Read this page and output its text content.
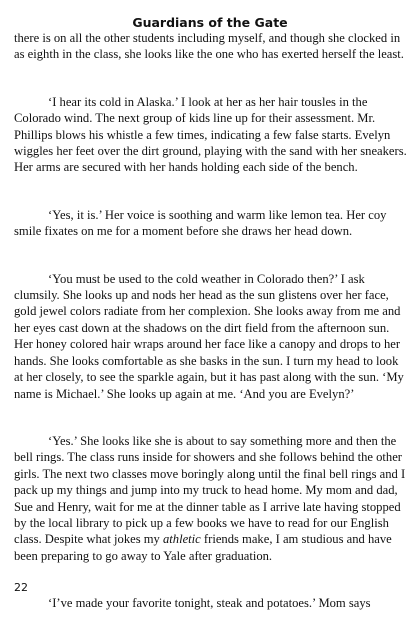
Guardians of the Gate

there is on all the other students including myself, and though she clocked in as eighth in the class, she looks like the one who has exerted herself the least.

‘I hear its cold in Alaska.’ I look at her as her hair tousles in the Colorado wind. The next group of kids line up for their assessment. Mr. Phillips blows his whistle a few times, indicating a few false starts. Evelyn wiggles her feet over the dirt ground, playing with the sand with her sneakers. Her arms are secured with her hands holding each side of the bench.

‘Yes, it is.’ Her voice is soothing and warm like lemon tea. Her coy smile fixates on me for a moment before she draws her head down.

‘You must be used to the cold weather in Colorado then?’ I ask clumsily. She looks up and nods her head as the sun glistens over her face, gold jewel colors radiate from her complexion. She looks away from me and her eyes cast down at the shadows on the dirt field from the afternoon sun. Her honey colored hair wraps around her face like a canopy and drops to her hands. She looks comfortable as she basks in the sun. I turn my head to look at her closely, to see the sparkle again, but it has past along with the sun. ‘My name is Michael.’ She looks up again at me. ‘And you are Evelyn?’

‘Yes.’ She looks like she is about to say something more and then the bell rings. The class runs inside for showers and she follows behind the other girls. The next two classes move boringly along until the final bell rings and I pack up my things and jump into my truck to head home. My mom and dad, Sue and Henry, wait for me at the dinner table as I arrive late having stopped by the local library to pick up a few books we have to read for our English class. Despite what jokes my athletic friends make, I am studious and have been preparing to go away to Yale after graduation.

‘I’ve made your favorite tonight, steak and potatoes.’ Mom says

22
